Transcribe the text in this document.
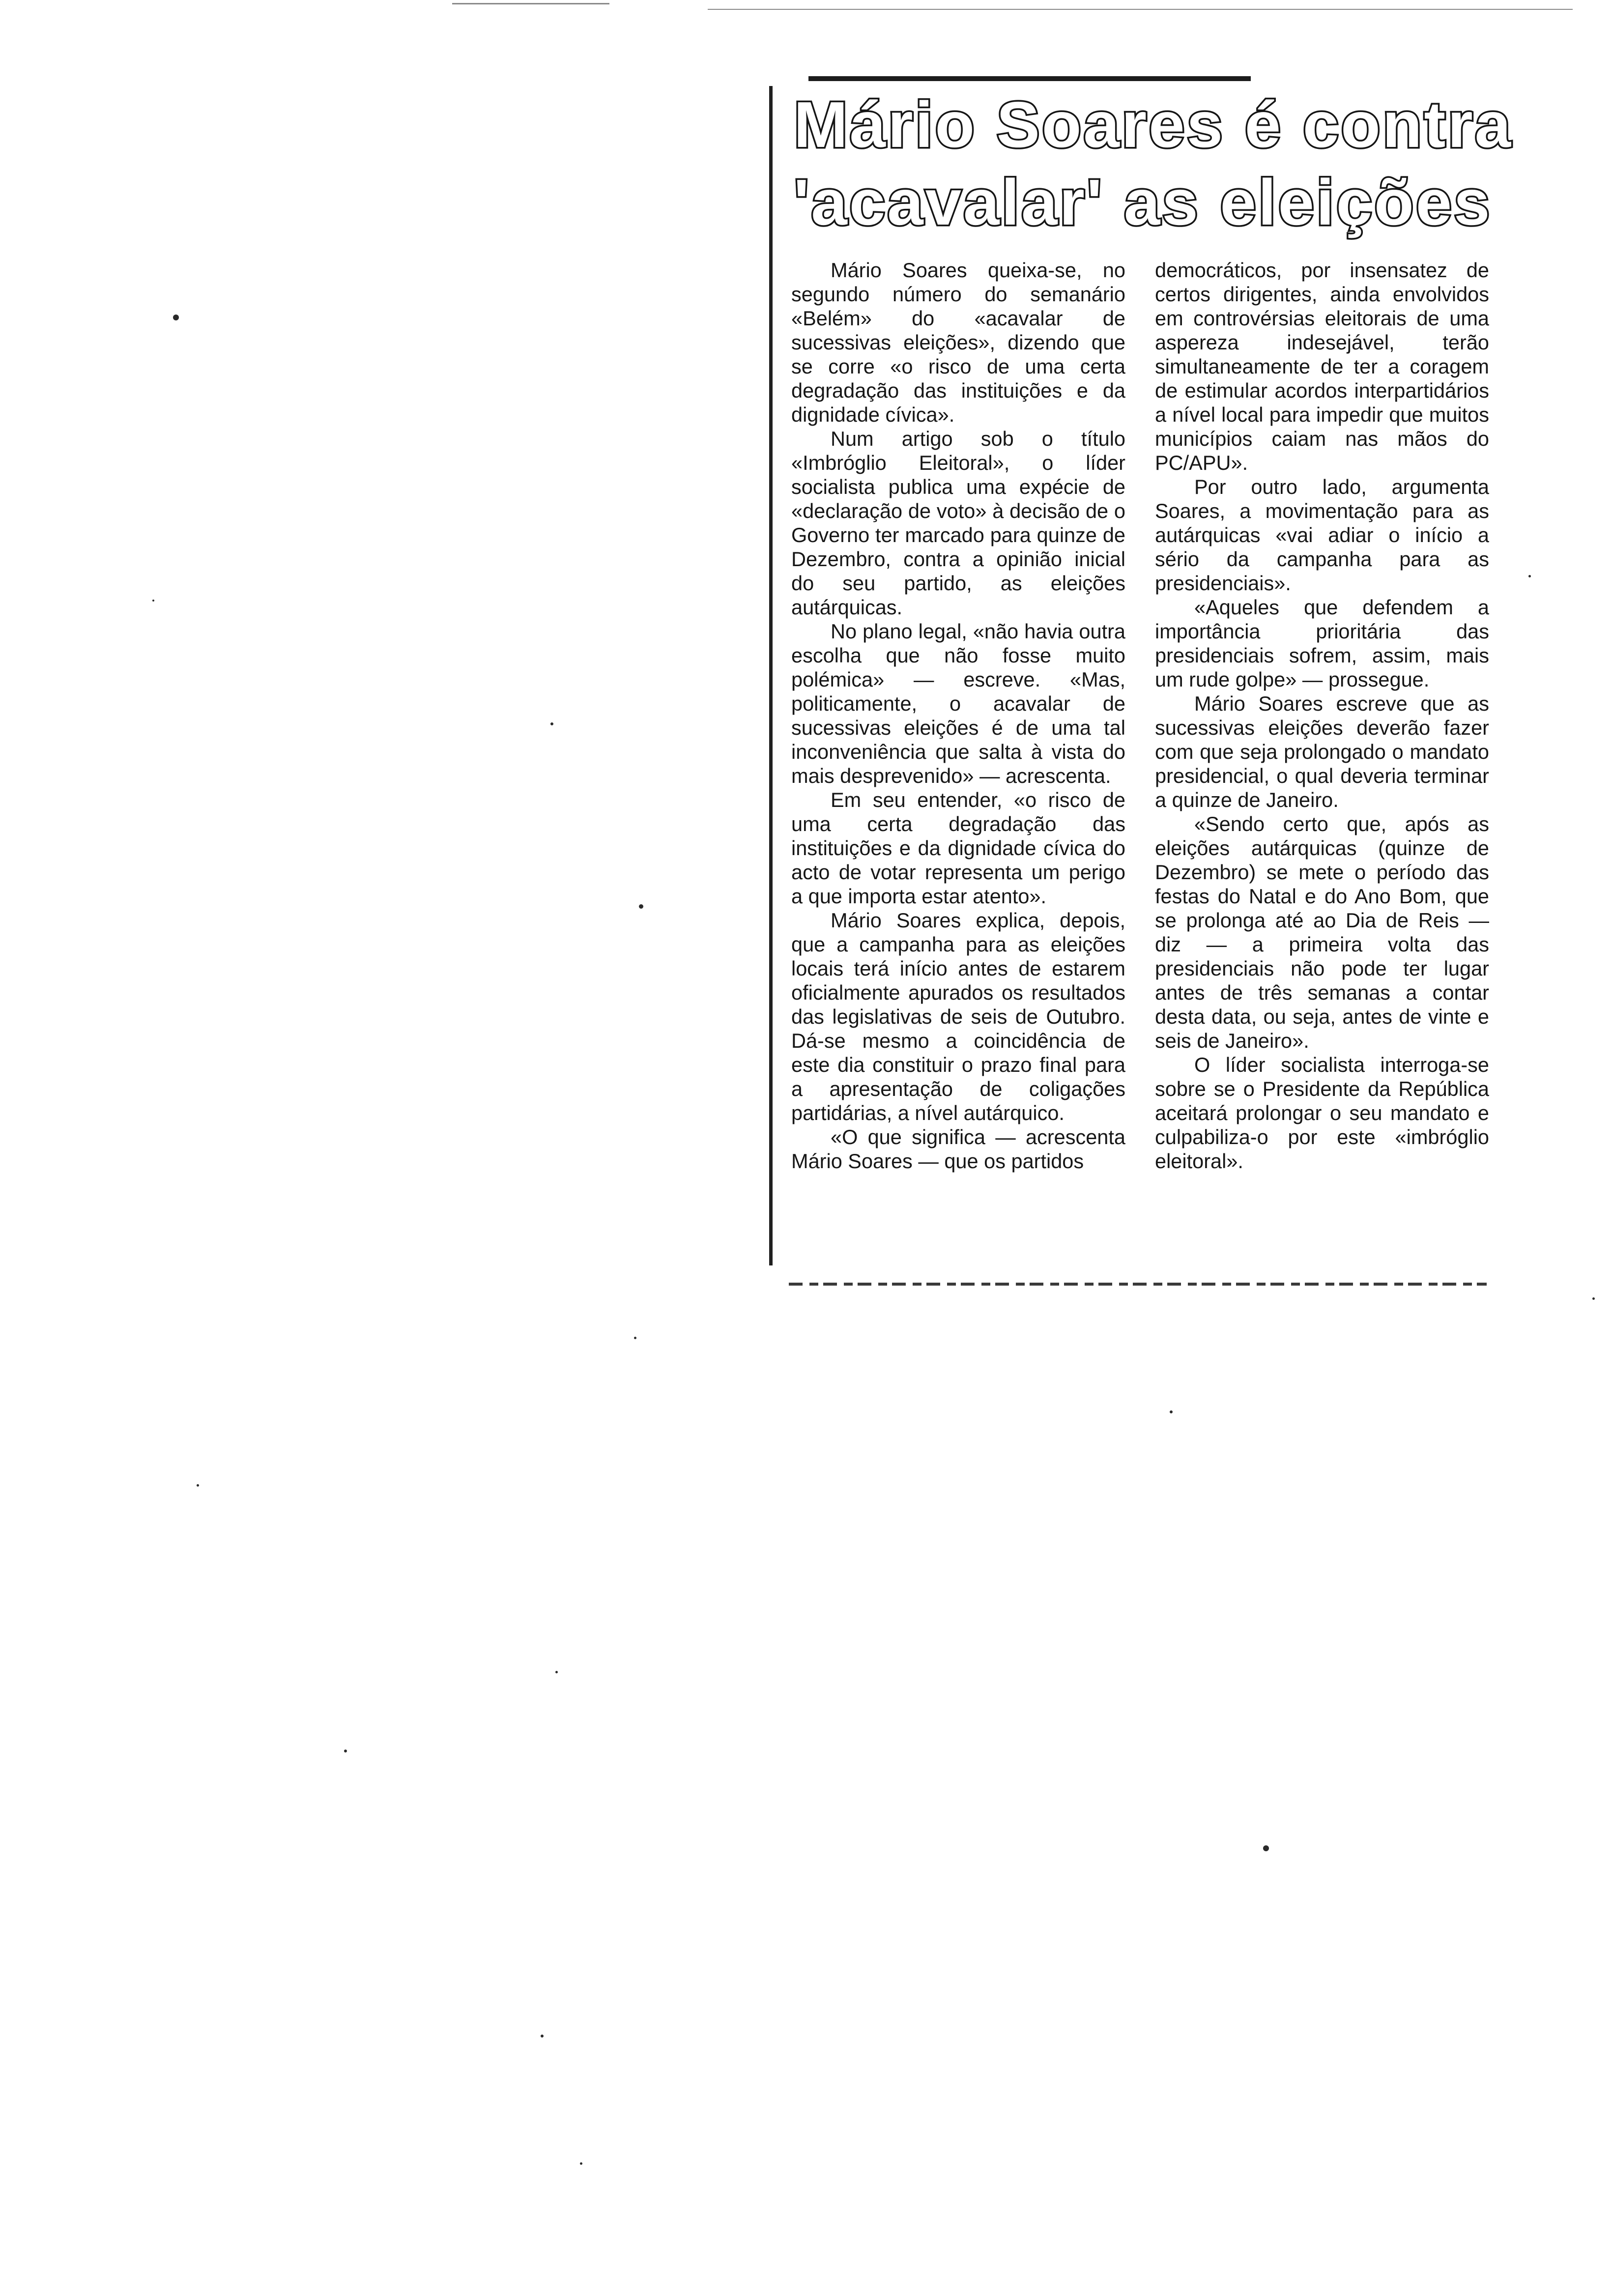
Mário Soares é contra
'acavalar' as eleições

Mário Soares queixa-se, no segundo número do semanário «Belém» do «acavalar de sucessivas eleições», dizendo que se corre «o risco de uma certa degradação das instituições e da dignidade cívica».

Num artigo sob o título «Imbróglio Eleitoral», o líder socialista publica uma expécie de «declaração de voto» à decisão de o Governo ter marcado para quinze de Dezembro, contra a opinião inicial do seu partido, as eleições autárquicas.

No plano legal, «não havia outra escolha que não fosse muito polémica» — escreve. «Mas, politicamente, o acavalar de sucessivas eleições é de uma tal inconveniência que salta à vista do mais desprevenido» — acrescenta.

Em seu entender, «o risco de uma certa degradação das instituições e da dignidade cívica do acto de votar representa um perigo a que importa estar atento».

Mário Soares explica, depois, que a campanha para as eleições locais terá início antes de estarem oficialmente apurados os resultados das legislativas de seis de Outubro. Dá-se mesmo a coincidência de este dia constituir o prazo final para a apresentação de coligações partidárias, a nível autárquico.

«O que significa — acrescenta Mário Soares — que os partidos

democráticos, por insensatez de certos dirigentes, ainda envolvidos em controvérsias eleitorais de uma aspereza indesejável, terão simultaneamente de ter a coragem de estimular acordos interpartidários a nível local para impedir que muitos municípios caiam nas mãos do PC/APU».

Por outro lado, argumenta Soares, a movimentação para as autárquicas «vai adiar o início a sério da campanha para as presidenciais».

«Aqueles que defendem a importância prioritária das presidenciais sofrem, assim, mais um rude golpe» — prossegue.

Mário Soares escreve que as sucessivas eleições deverão fazer com que seja prolongado o mandato presidencial, o qual deveria terminar a quinze de Janeiro.

«Sendo certo que, após as eleições autárquicas (quinze de Dezembro) se mete o período das festas do Natal e do Ano Bom, que se prolonga até ao Dia de Reis — diz — a primeira volta das presidenciais não pode ter lugar antes de três semanas a contar desta data, ou seja, antes de vinte e seis de Janeiro».

O líder socialista interroga-se sobre se o Presidente da República aceitará prolongar o seu mandato e culpabiliza-o por este «imbróglio eleitoral».
